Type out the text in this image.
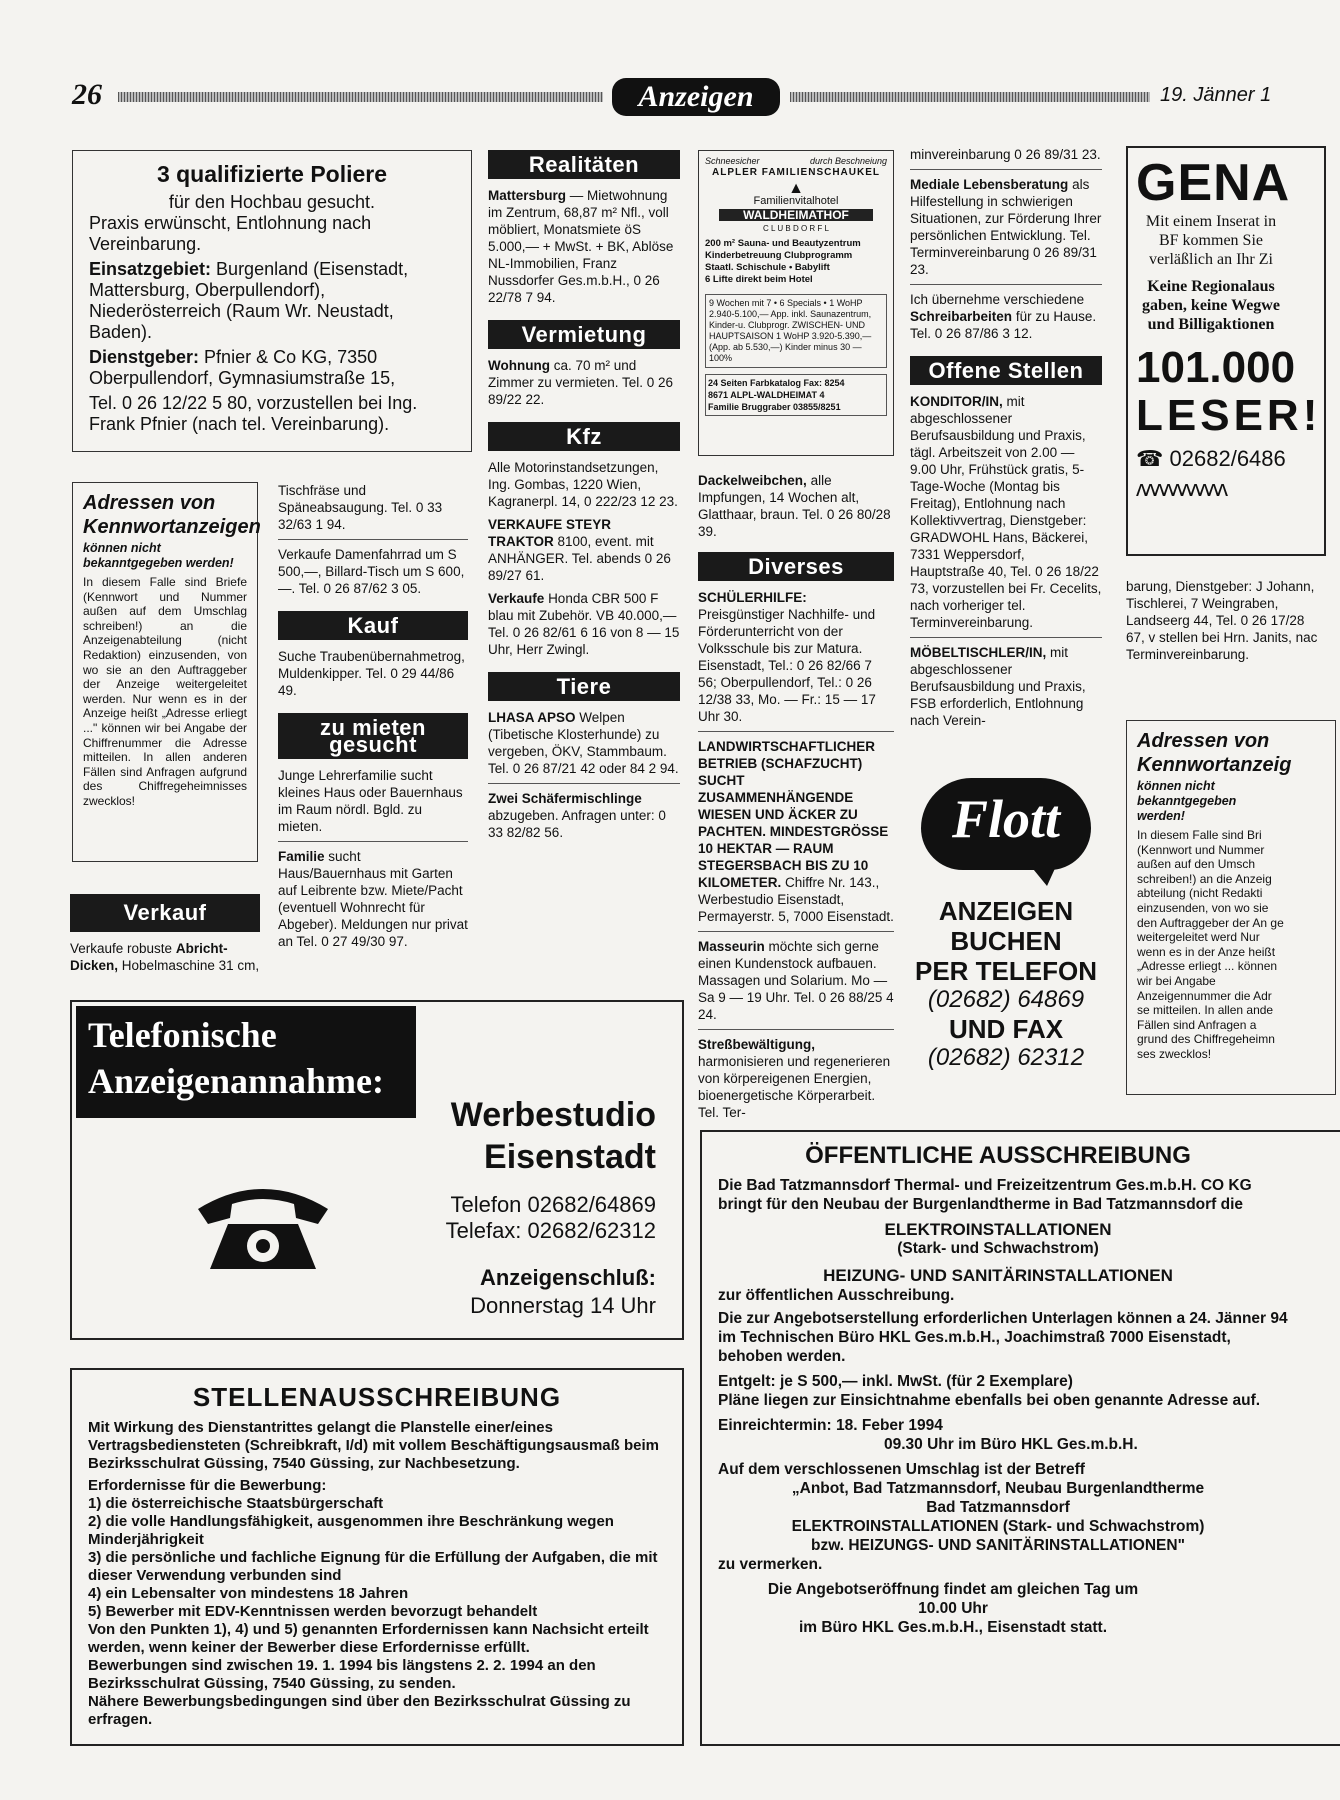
26	Anzeigen	19. Jänner 1
3 qualifizierte Poliere
für den Hochbau gesucht.
Praxis erwünscht, Entlohnung nach Vereinbarung.
Einsatzgebiet: Burgenland (Eisenstadt, Mattersburg, Oberpullendorf), Niederösterreich (Raum Wr. Neustadt, Baden).
Dienstgeber: Pfnier & Co KG, 7350 Oberpullendorf, Gymnasiumstraße 15,
Tel. 0 26 12/22 5 80, vorzustellen bei Ing. Frank Pfnier (nach tel. Vereinbarung).
Adressen von Kennwortanzeigen
können nicht bekanntgegeben werden!
In diesem Falle sind Briefe (Kennwort und Nummer außen auf dem Umschlag schreiben!) an die Anzeigenabteilung (nicht Redaktion) einzusenden, von wo sie an den Auftraggeber der Anzeige weitergeleitet werden. Nur wenn es in der Anzeige heißt „Adresse erliegt ..." können wir bei Angabe der Chiffrenummer die Adresse mitteilen. In allen anderen Fällen sind Anfragen aufgrund des Chiffregeheimnisses zwecklos!
Verkauf
Verkaufe robuste Abricht-Dicken, Hobelmaschine 31 cm,

Tischfräse und Späneabsaugung. Tel. 0 33 32/63 1 94.

Verkaufe Damenfahrrad um S 500,—, Billard-Tisch um S 600,—. Tel. 0 26 87/62 3 05.

Kauf

Suche Traubenübernahmetrog, Muldenkipper. Tel. 0 29 44/86 49.

zu mieten gesucht

Junge Lehrerfamilie sucht kleines Haus oder Bauernhaus im Raum nördl. Bgld. zu mieten.

Familie sucht Haus/Bauernhaus mit Garten auf Leibrente bzw. Miete/Pacht (eventuell Wohnrecht für Abgeber). Meldungen nur privat an Tel. 0 27 49/30 97.

Realitäten

Mattersburg — Mietwohnung im Zentrum, 68,87 m² Nfl., voll möbliert, Monatsmiete öS 5.000,— + MwSt. + BK, Ablöse NL-Immobilien, Franz Nussdorfer Ges.m.b.H., 0 26 22/78 7 94.

Vermietung

Wohnung ca. 70 m² und Zimmer zu vermieten. Tel. 0 26 89/22 22.

Kfz

Alle Motorinstandsetzungen, Ing. Gombas, 1220 Wien, Kagranerpl. 14, 0 222/23 12 23.

VERKAUFE STEYR TRAKTOR 8100, event. mit ANHÄNGER. Tel. abends 0 26 89/27 61.

Verkaufe Honda CBR 500 F blau mit Zubehör. VB 40.000,— Tel. 0 26 82/61 6 16 von 8 — 15 Uhr, Herr Zwingl.

Tiere

LHASA APSO Welpen (Tibetische Klosterhunde) zu vergeben, ÖKV, Stammbaum. Tel. 0 26 87/21 42 oder 84 2 94.

Zwei Schäfermischlinge abzugeben. Anfragen unter: 0 33 82/82 56.

Schneesicher	durch Beschneiung
ALPLER FAMILIENSCHAUKEL
▲
Familienvitalhotel
WALDHEIMATHOF
C L U B D O R F L
200 m² Sauna- und Beautyzentrum
Kinderbetreuung Clubprogramm
Staatl. Schischule • Babylift
6 Lifte direkt beim Hotel
9 Wochen mit 7 • 6 Specials • 1 WoHP 2.940-5.100,— App. inkl. Saunazentrum, Kinder-u. Clubprogr. ZWISCHEN- UND HAUPTSAISON 1 WoHP 3.920-5.390,— (App. ab 5.530,—) Kinder minus 30 — 100%
24 Seiten Farbkatalog Fax: 8254
8671 ALPL-WALDHEIMAT 4
Familie Bruggraber 03855/8251

Dackelweibchen, alle Impfungen, 14 Wochen alt, Glatthaar, braun. Tel. 0 26 80/28 39.

Diverses

SCHÜLERHILFE: Preisgünstiger Nachhilfe- und Förderunterricht von der Volksschule bis zur Matura. Eisenstadt, Tel.: 0 26 82/66 7 56; Oberpullendorf, Tel.: 0 26 12/38 33, Mo. — Fr.: 15 — 17 Uhr 30.

LANDWIRTSCHAFTLICHER BETRIEB (SCHAFZUCHT) SUCHT ZUSAMMENHÄNGENDE WIESEN UND ÄCKER ZU PACHTEN. MINDESTGRÖSSE 10 HEKTAR — RAUM STEGERSBACH BIS ZU 10 KILOMETER. Chiffre Nr. 143., Werbestudio Eisenstadt, Permayerstr. 5, 7000 Eisenstadt.

Masseurin möchte sich gerne einen Kundenstock aufbauen. Massagen und Solarium. Mo — Sa 9 — 19 Uhr. Tel. 0 26 88/25 4 24.

Streßbewältigung, harmonisieren und regenerieren von körpereigenen Energien, bioenergetische Körperarbeit. Tel. Ter-

minvereinbarung 0 26 89/31 23.

Mediale Lebensberatung als Hilfestellung in schwierigen Situationen, zur Förderung Ihrer persönlichen Entwicklung. Tel. Terminvereinbarung 0 26 89/31 23.

Ich übernehme verschiedene Schreibarbeiten für zu Hause. Tel. 0 26 87/86 3 12.

Offene Stellen

KONDITOR/IN, mit abgeschlossener Berufsausbildung und Praxis, tägl. Arbeitszeit von 2.00 — 9.00 Uhr, Frühstück gratis, 5-Tage-Woche (Montag bis Freitag), Entlohnung nach Kollektivvertrag, Dienstgeber: GRADWOHL Hans, Bäckerei, 7331 Weppersdorf, Hauptstraße 40, Tel. 0 26 18/22 73, vorzustellen bei Fr. Cecelits, nach vorheriger tel. Terminvereinbarung.

MÖBELTISCHLER/IN, mit abgeschlossener Berufsausbildung und Praxis, FSB erforderlich, Entlohnung nach Verein-

Flott
ANZEIGEN
BUCHEN
PER TELEFON
(02682) 64869
UND FAX
(02682) 62312
GENA
Mit einem Inserat in BF kommen Sie verläßlich an Ihr Zi
Keine Regionalaus gaben, keine Wegwe und Billigaktionen
101.000
LESER!
☎ 02682/6486
ʌʌʌʌʌʌʌʌʌʌ
barung, Dienstgeber: J Johann, Tischlerei, 7 Weingraben, Landseerg 44, Tel. 0 26 17/28 67, v stellen bei Hrn. Janits, nac Terminvereinbarung.
Adressen von Kennwortanzeig
können nicht bekanntgegeben werden!
In diesem Falle sind Bri (Kennwort und Nummer außen auf den Umsch schreiben!) an die Anzeig abteilung (nicht Redakti einzusenden, von wo sie den Auftraggeber der An ge weitergeleitet werd Nur wenn es in der Anze heißt „Adresse erliegt ... können wir bei Angabe Anzeigennummer die Adr se mitteilen. In allen ande Fällen sind Anfragen a grund des Chiffregeheimn ses zwecklos!
Telefonische
Anzeigenannahme:
Werbestudio
Eisenstadt
Telefon 02682/64869
Telefax: 02682/62312
Anzeigenschluß:
Donnerstag 14 Uhr
STELLENAUSSCHREIBUNG
Mit Wirkung des Dienstantrittes gelangt die Planstelle einer/eines Vertragsbediensteten (Schreibkraft, I/d) mit vollem Beschäftigungsausmaß beim Bezirksschulrat Güssing, 7540 Güssing, zur Nachbesetzung.
Erfordernisse für die Bewerbung:
1) die österreichische Staatsbürgerschaft
2) die volle Handlungsfähigkeit, ausgenommen ihre Beschränkung wegen Minderjährigkeit
3) die persönliche und fachliche Eignung für die Erfüllung der Aufgaben, die mit dieser Verwendung verbunden sind
4) ein Lebensalter von mindestens 18 Jahren
5) Bewerber mit EDV-Kenntnissen werden bevorzugt behandelt
Von den Punkten 1), 4) und 5) genannten Erfordernissen kann Nachsicht erteilt werden, wenn keiner der Bewerber diese Erfordernisse erfüllt.
Bewerbungen sind zwischen 19. 1. 1994 bis längstens 2. 2. 1994 an den Bezirksschulrat Güssing, 7540 Güssing, zu senden.
Nähere Bewerbungsbedingungen sind über den Bezirksschulrat Güssing zu erfragen.
ÖFFENTLICHE AUSSCHREIBUNG
Die Bad Tatzmannsdorf Thermal- und Freizeitzentrum Ges.m.b.H. CO KG bringt für den Neubau der Burgenlandtherme in Bad Tatzmannsdorf die
ELEKTROINSTALLATIONEN
(Stark- und Schwachstrom)
HEIZUNG- UND SANITÄRINSTALLATIONEN
zur öffentlichen Ausschreibung.
Die zur Angebotserstellung erforderlichen Unterlagen können a 24. Jänner 94 im Technischen Büro HKL Ges.m.b.H., Joachimstraß 7000 Eisenstadt, behoben werden.
Entgelt: je S 500,— inkl. MwSt. (für 2 Exemplare)
Pläne liegen zur Einsichtnahme ebenfalls bei oben genannte Adresse auf.
Einreichtermin: 18. Feber 1994
09.30 Uhr im Büro HKL Ges.m.b.H.
Auf dem verschlossenen Umschlag ist der Betreff
„Anbot, Bad Tatzmannsdorf, Neubau Burgenlandtherme
Bad Tatzmannsdorf
ELEKTROINSTALLATIONEN (Stark- und Schwachstrom)
bzw. HEIZUNGS- UND SANITÄRINSTALLATIONEN"
zu vermerken.
Die Angebotseröffnung findet am gleichen Tag um
10.00 Uhr
im Büro HKL Ges.m.b.H., Eisenstadt statt.
